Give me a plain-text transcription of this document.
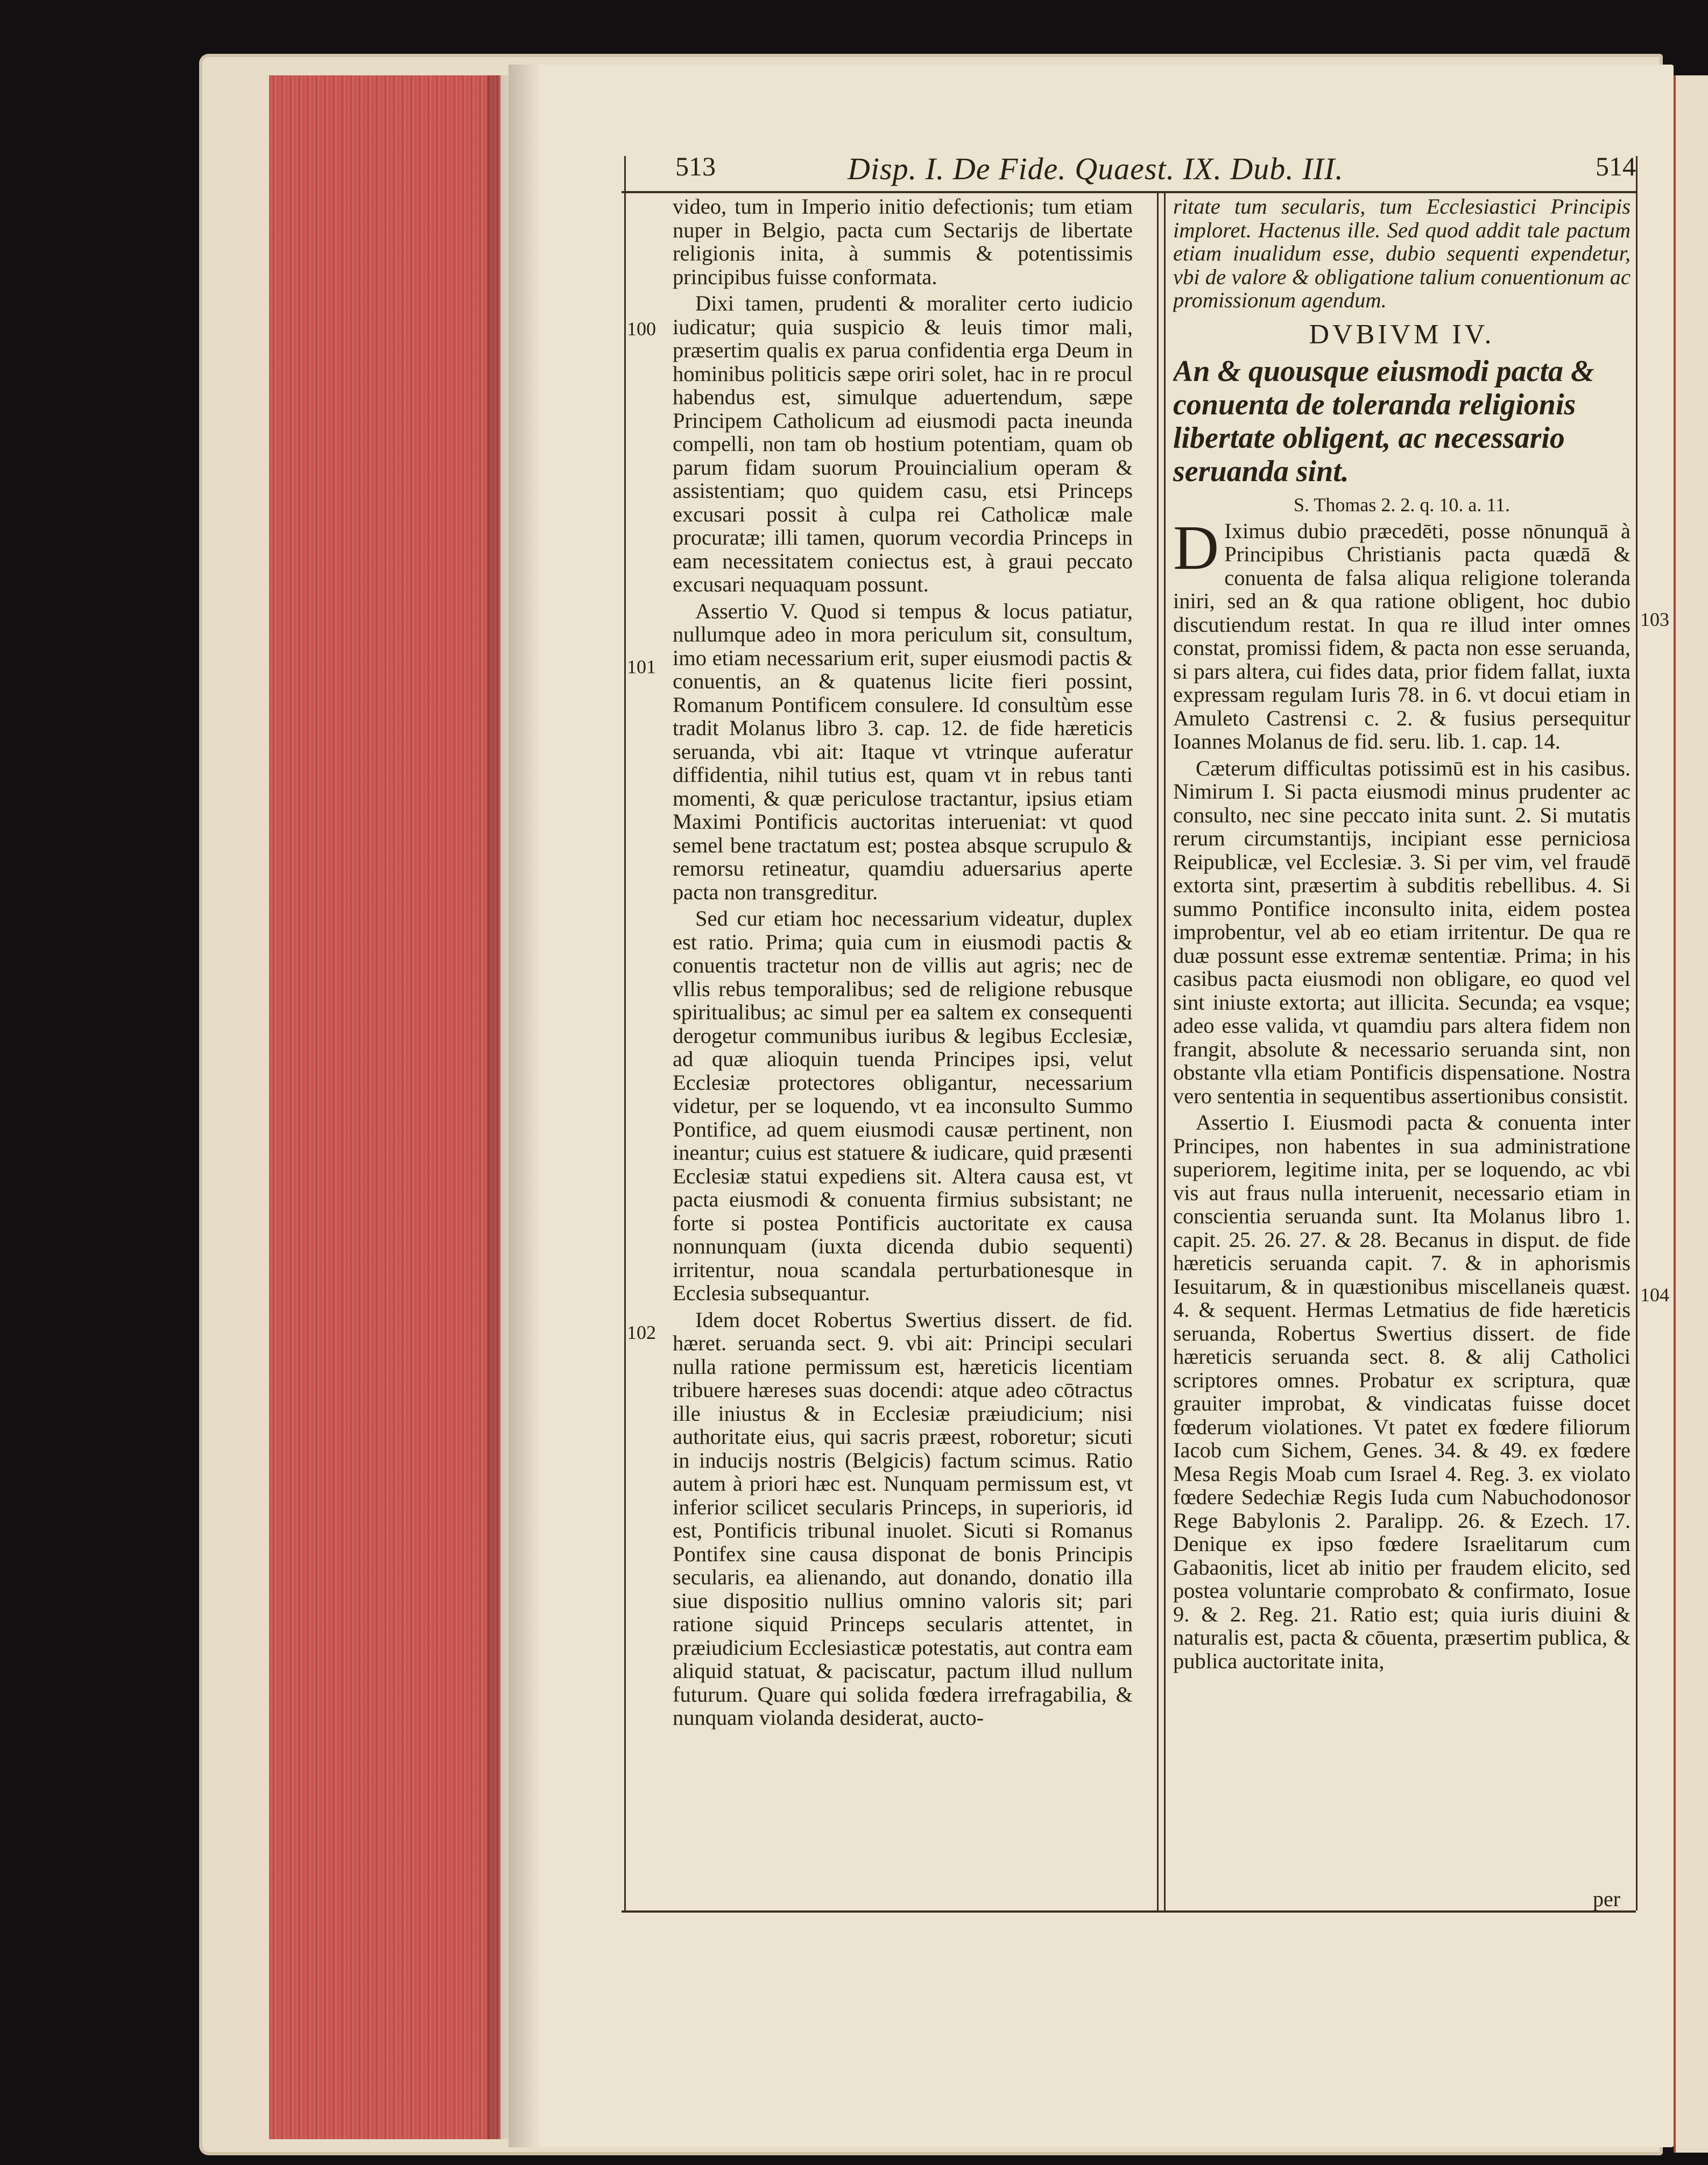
513	Disp. I. De Fide. Quaest. IX. Dub. III.	514
100
101
102
103
104

video, tum in Imperio initio defectionis; tum etiam nuper in Belgio, pacta cum Sectarijs de libertate religionis inita, à summis & potentissimis principibus fuisse conformata.

Dixi tamen, prudenti & moraliter certo iudicio iudicatur; quia suspicio & leuis timor mali, præsertim qualis ex parua confidentia erga Deum in hominibus politicis sæpe oriri solet, hac in re procul habendus est, simulque aduertendum, sæpe Principem Catholicum ad eiusmodi pacta ineunda compelli, non tam ob hostium potentiam, quam ob parum fidam suorum Prouincialium operam & assistentiam; quo quidem casu, etsi Princeps excusari possit à culpa rei Catholicæ male procuratæ; illi tamen, quorum vecordia Princeps in eam necessitatem coniectus est, à graui peccato excusari nequaquam possunt.

Assertio V. Quod si tempus & locus patiatur, nullumque adeo in mora periculum sit, consultum, imo etiam necessarium erit, super eiusmodi pactis & conuentis, an & quatenus licite fieri possint, Romanum Pontificem consulere. Id consultùm esse tradit Molanus libro 3. cap. 12. de fide hæreticis seruanda, vbi ait: Itaque vt vtrinque auferatur diffidentia, nihil tutius est, quam vt in rebus tanti momenti, & quæ periculose tractantur, ipsius etiam Maximi Pontificis auctoritas interueniat: vt quod semel bene tractatum est; postea absque scrupulo & remorsu retineatur, quamdiu aduersarius aperte pacta non transgreditur.

Sed cur etiam hoc necessarium videatur, duplex est ratio. Prima; quia cum in eiusmodi pactis & conuentis tractetur non de villis aut agris; nec de vllis rebus temporalibus; sed de religione rebusque spiritualibus; ac simul per ea saltem ex consequenti derogetur communibus iuribus & legibus Ecclesiæ, ad quæ alioquin tuenda Principes ipsi, velut Ecclesiæ protectores obligantur, necessarium videtur, per se loquendo, vt ea inconsulto Summo Pontifice, ad quem eiusmodi causæ pertinent, non ineantur; cuius est statuere & iudicare, quid præsenti Ecclesiæ statui expediens sit. Altera causa est, vt pacta eiusmodi & conuenta firmius subsistant; ne forte si postea Pontificis auctoritate ex causa nonnunquam (iuxta dicenda dubio sequenti) irritentur, noua scandala perturbationesque in Ecclesia subsequantur.

Idem docet Robertus Swertius dissert. de fid. hæret. seruanda sect. 9. vbi ait: Principi seculari nulla ratione permissum est, hæreticis licentiam tribuere hæreses suas docendi: atque adeo cōtractus ille iniustus & in Ecclesiæ præiudicium; nisi authoritate eius, qui sacris præest, roboretur; sicuti in inducijs nostris (Belgicis) factum scimus. Ratio autem à priori hæc est. Nunquam permissum est, vt inferior scilicet secularis Princeps, in superioris, id est, Pontificis tribunal inuolet. Sicuti si Romanus Pontifex sine causa disponat de bonis Principis secularis, ea alienando, aut donando, donatio illa siue dispositio nullius omnino valoris sit; pari ratione siquid Princeps secularis attentet, in præiudicium Ecclesiasticæ potestatis, aut contra eam aliquid statuat, & paciscatur, pactum illud nullum futurum. Quare qui solida fœdera irrefragabilia, & nunquam violanda desiderat, aucto-

ritate tum secularis, tum Ecclesiastici Principis imploret. Hactenus ille. Sed quod addit tale pactum etiam inualidum esse, dubio sequenti expendetur, vbi de valore & obligatione talium conuentionum ac promissionum agendum.

DVBIVM IV.

An & quousque eiusmodi pacta & conuenta de toleranda religionis libertate obligent, ac necessario seruanda sint.

S. Thomas 2. 2. q. 10. a. 11.

D Iximus dubio præcedēti, posse nōnunquā à Principibus Christianis pacta quædā & conuenta de falsa aliqua religione toleranda iniri, sed an & qua ratione obligent, hoc dubio discutiendum restat. In qua re illud inter omnes constat, promissi fidem, & pacta non esse seruanda, si pars altera, cui fides data, prior fidem fallat, iuxta expressam regulam Iuris 78. in 6. vt docui etiam in Amuleto Castrensi c. 2. & fusius persequitur Ioannes Molanus de fid. seru. lib. 1. cap. 14.

Cæterum difficultas potissimū est in his casibus. Nimirum I. Si pacta eiusmodi minus prudenter ac consulto, nec sine peccato inita sunt. 2. Si mutatis rerum circumstantijs, incipiant esse perniciosa Reipublicæ, vel Ecclesiæ. 3. Si per vim, vel fraudē extorta sint, præsertim à subditis rebellibus. 4. Si summo Pontifice inconsulto inita, eidem postea improbentur, vel ab eo etiam irritentur. De qua re duæ possunt esse extremæ sententiæ. Prima; in his casibus pacta eiusmodi non obligare, eo quod vel sint iniuste extorta; aut illicita. Secunda; ea vsque; adeo esse valida, vt quamdiu pars altera fidem non frangit, absolute & necessario seruanda sint, non obstante vlla etiam Pontificis dispensatione. Nostra vero sententia in sequentibus assertionibus consistit.

Assertio I. Eiusmodi pacta & conuenta inter Principes, non habentes in sua administratione superiorem, legitime inita, per se loquendo, ac vbi vis aut fraus nulla interuenit, necessario etiam in conscientia seruanda sunt. Ita Molanus libro 1. capit. 25. 26. 27. & 28. Becanus in disput. de fide hæreticis seruanda capit. 7. & in aphorismis Iesuitarum, & in quæstionibus miscellaneis quæst. 4. & sequent. Hermas Letmatius de fide hæreticis seruanda, Robertus Swertius dissert. de fide hæreticis seruanda sect. 8. & alij Catholici scriptores omnes. Probatur ex scriptura, quæ grauiter improbat, & vindicatas fuisse docet fœderum violationes. Vt patet ex fœdere filiorum Iacob cum Sichem, Genes. 34. & 49. ex fœdere Mesa Regis Moab cum Israel 4. Reg. 3. ex violato fœdere Sedechiæ Regis Iuda cum Nabuchodonosor Rege Babylonis 2. Paralipp. 26. & Ezech. 17. Denique ex ipso fœdere Israelitarum cum Gabaonitis, licet ab initio per fraudem elicito, sed postea voluntarie comprobato & confirmato, Iosue 9. & 2. Reg. 21. Ratio est; quia iuris diuini & naturalis est, pacta & cōuenta, præsertim publica, & publica auctoritate inita,

per
